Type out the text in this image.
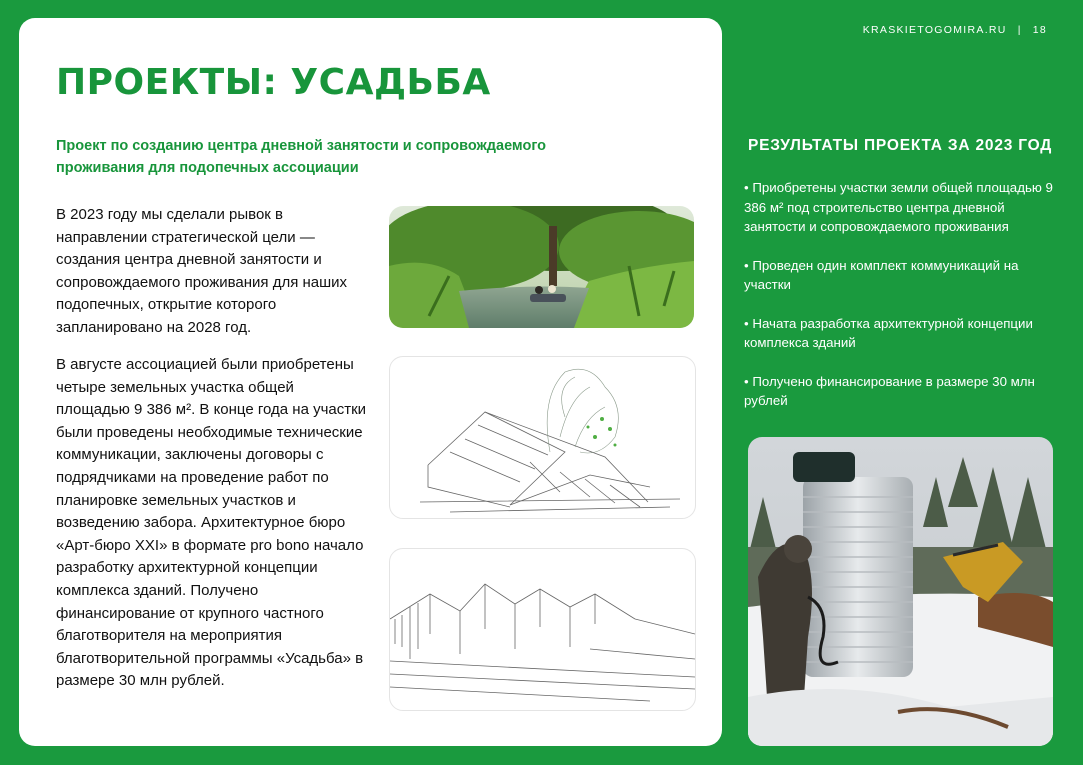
KRASKIETOGOMIRA.RU | 18
ПРОЕКТЫ: УСАДЬБА
Проект по созданию центра дневной занятости и сопровождаемого проживания для подопечных ассоциации
В 2023 году мы сделали рывок в направлении стратегической цели — создания центра дневной занятости и сопровождаемого проживания для наших подопечных, открытие которого запланировано на 2028 год.
В августе ассоциацией были приобретены четыре земельных участка общей площадью 9 386 м². В конце года на участки были проведены необходимые технические коммуникации, заключены договоры с подрядчиками на проведение работ по планировке земельных участков и возведению забора. Архитектурное бюро «Арт-бюро XXI» в формате pro bono начало разработку архитектурной концепции комплекса зданий. Получено финансирование от крупного частного благотворителя на мероприятия благотворительной программы «Усадьба» в размере 30 млн рублей.
РЕЗУЛЬТАТЫ ПРОЕКТА ЗА 2023 ГОД
• Приобретены участки земли общей площадью 9 386 м² под строительство центра дневной занятости и сопровождаемого проживания
• Проведен один комплект коммуникаций на участки
• Начата разработка архитектурной концепции комплекса зданий
• Получено финансирование в размере 30 млн рублей
